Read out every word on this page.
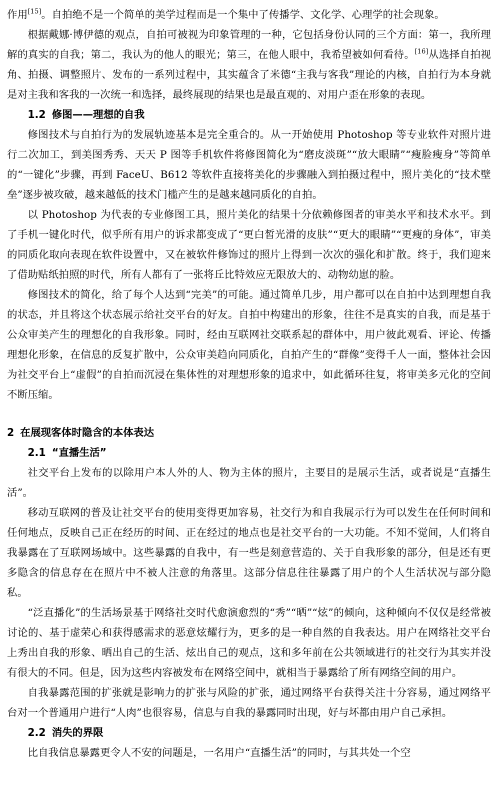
作用[15]。自拍绝不是一个简单的美学过程而是一个集中了传播学、文化学、心理学的社会现象。

根据戴娜·博伊德的观点，自拍可被视为印象管理的一种，它包括身份认同的三个方面：第一，我所理解的真实的自我；第二，我认为的他人的眼光；第三，在他人眼中，我希望被如何看待。[16]从选择自拍视角、拍摄、调整照片、发布的一系列过程中，其实蕴含了米德“主我与客我”理论的内核，自拍行为本身就是对主我和客我的一次统一和选择，最终展现的结果也是最直观的、对用户歪在形象的表现。

1.2 修图——理想的自我

修图技术与自拍行为的发展轨迹基本是完全重合的。从一开始使用 Photoshop 等专业软件对照片进行二次加工，到美图秀秀、天天 P 图等手机软件将修图简化为“磨皮淡斑”“放大眼睛”“瘦脸瘦身”等简单的“一键化”步骤，再到 FaceU、B612 等软件直接将美化的步骤融入到拍摄过程中，照片美化的“技术壁垒”逐步被攻破，越来越低的技术门槛产生的是越来越同质化的自拍。

以 Photoshop 为代表的专业修图工具，照片美化的结果十分依赖修图者的审美水平和技术水平。到了手机一键化时代，似乎所有用户的诉求都变成了“更白皙光滑的皮肤”“更大的眼睛”“更瘦的身体”，审美的同质化取向表现在软件设置中，又在被软件修饰过的照片上得到一次次的强化和扩散。终于，我们迎来了借助贴纸拍照的时代，所有人都有了一张将丘比特效应无限放大的、动物幼崽的脸。

修图技术的简化，给了每个人达到“完美”的可能。通过简单几步，用户都可以在自拍中达到理想自我的状态，并且将这个状态展示给社交平台的好友。自拍中构建出的形象，往往不是真实的自我，而是基于公众审美产生的理想化的自我形象。同时，经由互联网社交联系起的群体中，用户彼此观看、评论、传播理想化形象，在信息的反复扩散中，公众审美趋向同质化，自拍产生的“群像”变得千人一面，整体社会因为社交平台上“虚假”的自拍而沉浸在集体性的对理想形象的追求中，如此循环往复，将审美多元化的空间不断压缩。

2 在展现客体时隐含的本体表达
2.1 “直播生活”

社交平台上发布的以除用户本人外的人、物为主体的照片，主要目的是展示生活，或者说是“直播生活”。

移动互联网的普及让社交平台的使用变得更加容易，社交行为和自我展示行为可以发生在任何时间和任何地点，反映自己正在经历的时间、正在经过的地点也是社交平台的一大功能。不知不觉间，人们将自我暴露在了互联网场域中。这些暴露的自我中，有一些是刻意营造的、关于自我形象的部分，但是还有更多隐含的信息存在在照片中不被人注意的角落里。这部分信息往往暴露了用户的个人生活状况与部分隐私。

“泛直播化”的生活场景基于网络社交时代愈演愈烈的“秀”“晒”“炫”的倾向，这种倾向不仅仅是经常被讨论的、基于虚荣心和获得感需求的恶意炫耀行为，更多的是一种自然的自我表达。用户在网络社交平台上秀出自我的形象、晒出自己的生活、炫出自己的观点，这和多年前在公共领域进行的社交行为其实并没有很大的不同。但是，因为这些内容被发布在网络空间中，就相当于暴露给了所有网络空间的用户。

自我暴露范围的扩张就是影响力的扩张与风险的扩张，通过网络平台获得关注十分容易，通过网络平台对一个普通用户进行“人肉”也很容易，信息与自我的暴露同时出现，好与坏都由用户自己承担。

2.2 消失的界限

比自我信息暴露更令人不安的问题是，一名用户“直播生活”的同时，与其共处一个空
